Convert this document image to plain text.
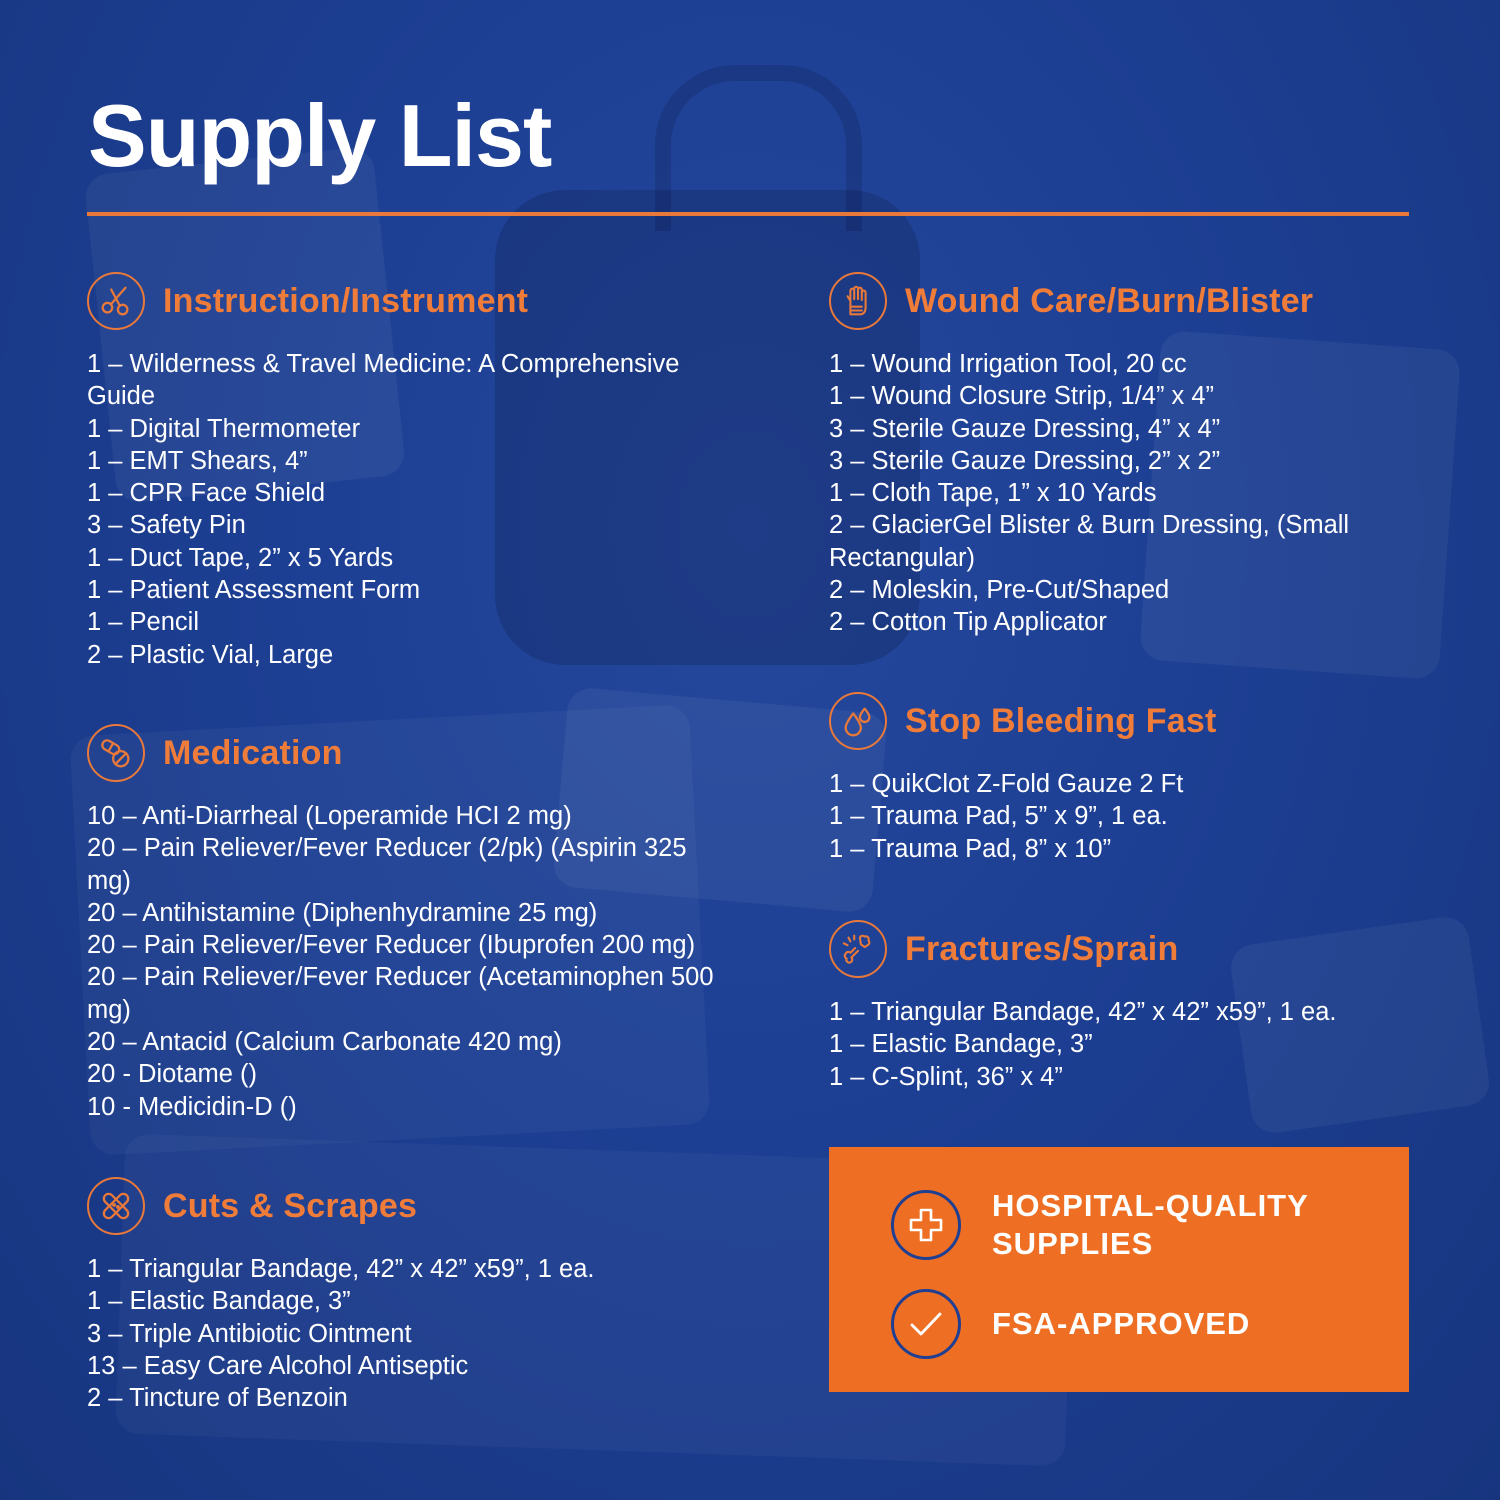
Supply List
Instruction/Instrument
1 – Wilderness & Travel Medicine: A Comprehensive Guide
1 – Digital Thermometer
1 – EMT Shears, 4”
1 – CPR Face Shield
3 – Safety Pin
1 – Duct Tape, 2” x 5 Yards
1 – Patient Assessment Form
1 – Pencil
2 – Plastic Vial, Large
Medication
10 – Anti-Diarrheal (Loperamide HCI 2 mg)
20 – Pain Reliever/Fever Reducer (2/pk) (Aspirin 325 mg)
20 – Antihistamine (Diphenhydramine 25 mg)
20 – Pain Reliever/Fever Reducer (Ibuprofen 200 mg)
20 – Pain Reliever/Fever Reducer (Acetaminophen 500 mg)
20 – Antacid (Calcium Carbonate 420 mg)
20 - Diotame ()
10 - Medicidin-D ()
Cuts & Scrapes
1 – Triangular Bandage, 42” x 42” x59”, 1 ea.
1 – Elastic Bandage, 3”
3 – Triple Antibiotic Ointment
13 – Easy Care Alcohol Antiseptic
2 – Tincture of Benzoin
Wound Care/Burn/Blister
1 – Wound Irrigation Tool, 20 cc
1 – Wound Closure Strip, 1/4” x 4”
3 – Sterile Gauze Dressing, 4” x 4”
3 – Sterile Gauze Dressing, 2” x 2”
1 – Cloth Tape, 1” x 10 Yards
2 – GlacierGel Blister & Burn Dressing, (Small Rectangular)
2 – Moleskin, Pre-Cut/Shaped
2 – Cotton Tip Applicator
Stop Bleeding Fast
1 – QuikClot Z-Fold Gauze 2 Ft
1 – Trauma Pad, 5” x 9”, 1 ea.
1 – Trauma Pad, 8” x 10”
Fractures/Sprain
1 – Triangular Bandage, 42” x 42” x59”, 1 ea.
1 – Elastic Bandage, 3”
1 – C-Splint, 36” x 4”
HOSPITAL-QUALITY SUPPLIES
FSA-APPROVED
